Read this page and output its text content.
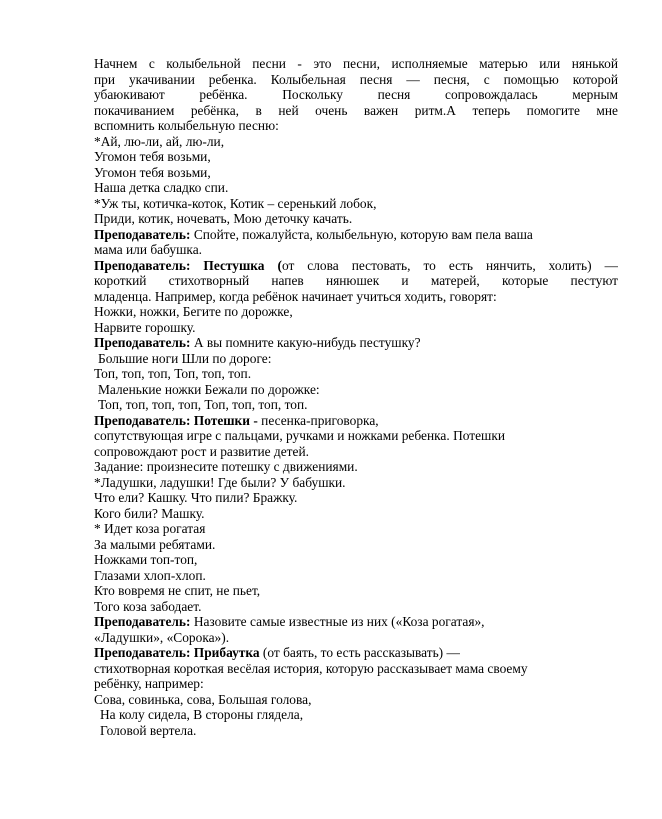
Начнем с колыбельной песни - это песни, исполняемые матерью или нянькой
при укачивании ребенка. Колыбельная песня — песня, с помощью которой
убаюкивают ребёнка. Поскольку песня сопровождалась мерным
покачиванием ребёнка, в ней очень важен ритм.А теперь помогите мне
вспомнить колыбельную песню:
*Ай, лю-ли, ай, лю-ли,
Угомон тебя возьми,
Угомон тебя возьми,
Наша детка сладко спи.
*Уж ты, котичка-коток, Котик – серенький лобок,
Приди, котик, ночевать, Мою деточку качать.
Преподаватель: Спойте, пожалуйста, колыбельную, которую вам пела ваша
мама или бабушка.
Преподаватель: Пестушка (от слова пестовать, то есть нянчить, холить) —
короткий стихотворный напев нянюшек и матерей, которые пестуют
младенца. Например, когда ребёнок начинает учиться ходить, говорят:
Ножки, ножки, Бегите по дорожке,
Нарвите горошку.
Преподаватель: А вы помните какую-нибудь пестушку?
Большие ноги Шли по дороге:
Топ, топ, топ, Топ, топ, топ.
Маленькие ножки Бежали по дорожке:
Топ, топ, топ, топ, Топ, топ, топ, топ.
Преподаватель: Потешки - песенка-приговорка,
сопутствующая игре с пальцами, ручками и ножками ребенка. Потешки
сопровождают рост и развитие детей.
Задание: произнесите потешку с движениями.
*Ладушки, ладушки! Где были? У бабушки.
Что ели? Кашку. Что пили? Бражку.
Кого били? Машку.
* Идет коза рогатая
За малыми ребятами.
Ножками топ-топ,
Глазами хлоп-хлоп.
Кто вовремя не спит, не пьет,
Того коза забодает.
Преподаватель: Назовите самые известные из них («Коза рогатая»,
«Ладушки», «Сорока»).
Преподаватель: Прибаутка (от баять, то есть рассказывать) —
стихотворная короткая весёлая история, которую рассказывает мама своему
ребёнку, например:
Сова, совинька, сова, Большая голова,
На колу сидела, В стороны глядела,
Головой вертела.
